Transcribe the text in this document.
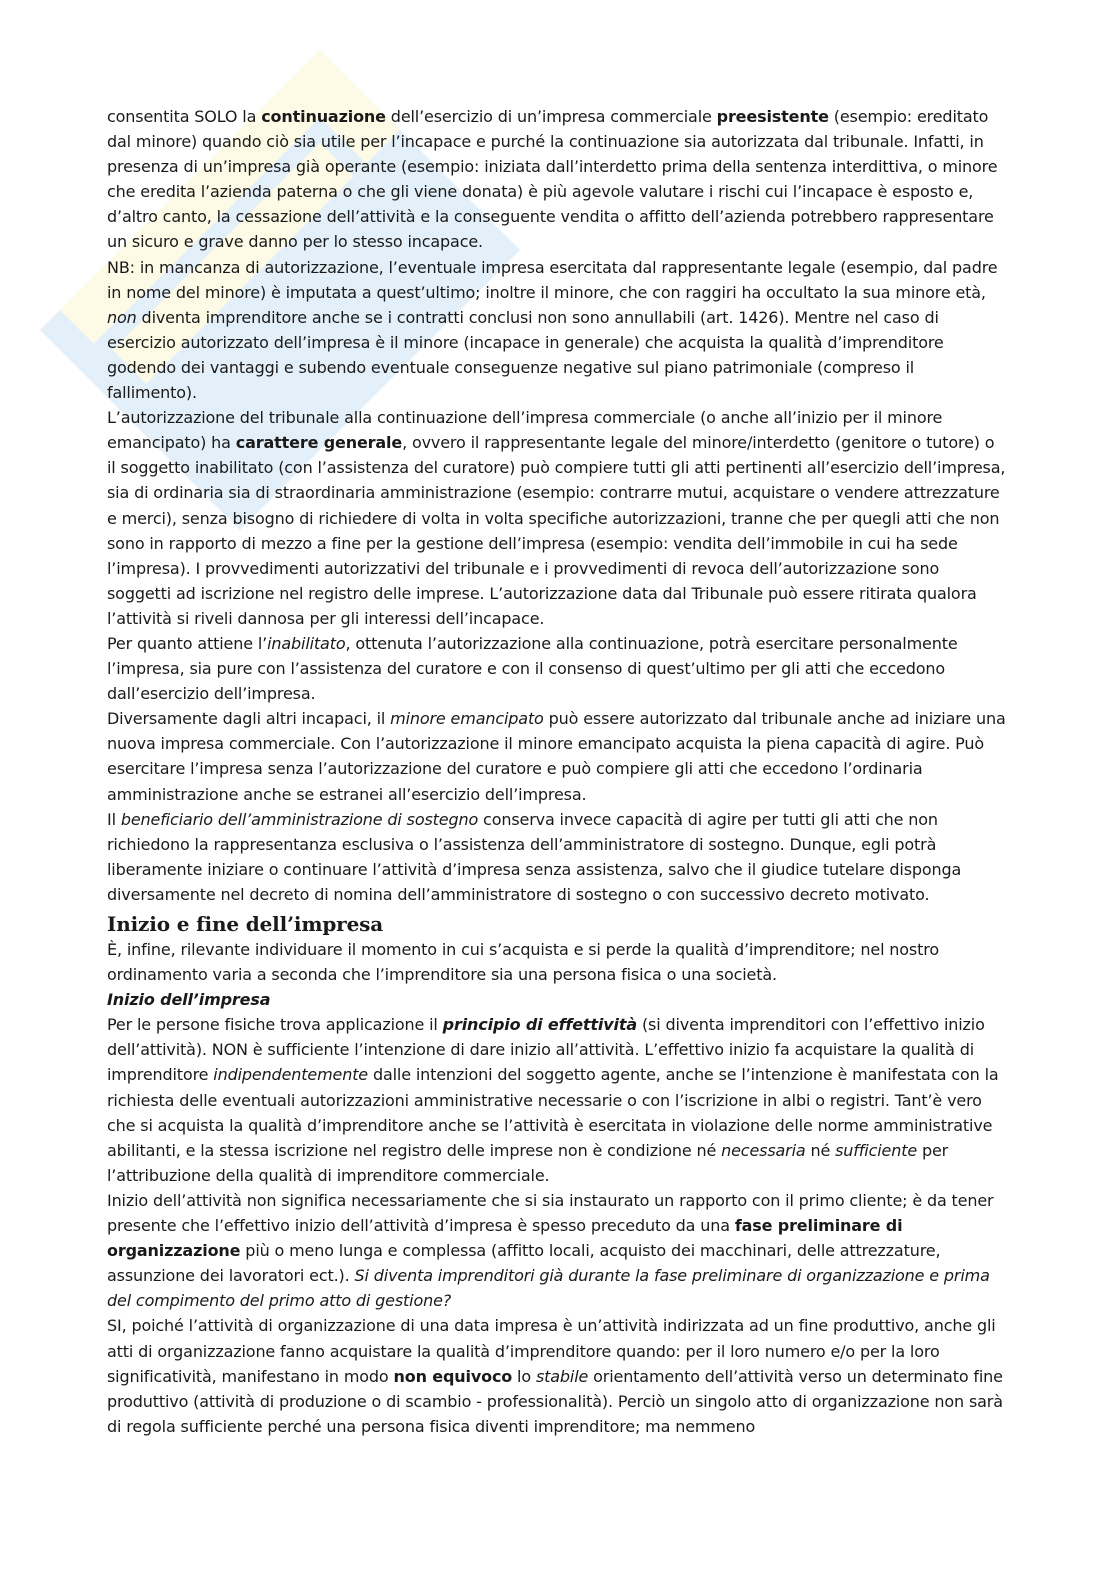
consentita SOLO la continuazione dell’esercizio di un’impresa commerciale preesistente (esempio: ereditato dal minore) quando ciò sia utile per l’incapace e purché la continuazione sia autorizzata dal tribunale. Infatti, in presenza di un’impresa già operante (esempio: iniziata dall’interdetto prima della sentenza interdittiva, o minore che eredita l’azienda paterna o che gli viene donata) è più agevole valutare i rischi cui l’incapace è esposto e, d’altro canto, la cessazione dell’attività e la conseguente vendita o affitto dell’azienda potrebbero rappresentare un sicuro e grave danno per lo stesso incapace.

NB: in mancanza di autorizzazione, l’eventuale impresa esercitata dal rappresentante legale (esempio, dal padre in nome del minore) è imputata a quest’ultimo; inoltre il minore, che con raggiri ha occultato la sua minore età, non diventa imprenditore anche se i contratti conclusi non sono annullabili (art. 1426). Mentre nel caso di esercizio autorizzato dell’impresa è il minore (incapace in generale) che acquista la qualità d’imprenditore godendo dei vantaggi e subendo eventuale conseguenze negative sul piano patrimoniale (compreso il fallimento).

L’autorizzazione del tribunale alla continuazione dell’impresa commerciale (o anche all’inizio per il minore emancipato) ha carattere generale, ovvero il rappresentante legale del minore/interdetto (genitore o tutore) o il soggetto inabilitato (con l’assistenza del curatore) può compiere tutti gli atti pertinenti all’esercizio dell’impresa, sia di ordinaria sia di straordinaria amministrazione (esempio: contrarre mutui, acquistare o vendere attrezzature e merci), senza bisogno di richiedere di volta in volta specifiche autorizzazioni, tranne che per quegli atti che non sono in rapporto di mezzo a fine per la gestione dell’impresa (esempio: vendita dell’immobile in cui ha sede l’impresa). I provvedimenti autorizzativi del tribunale e i provvedimenti di revoca dell’autorizzazione sono soggetti ad iscrizione nel registro delle imprese. L’autorizzazione data dal Tribunale può essere ritirata qualora l’attività si riveli dannosa per gli interessi dell’incapace.

Per quanto attiene l’inabilitato, ottenuta l’autorizzazione alla continuazione, potrà esercitare personalmente l’impresa, sia pure con l’assistenza del curatore e con il consenso di quest’ultimo per gli atti che eccedono dall’esercizio dell’impresa.

Diversamente dagli altri incapaci, il minore emancipato può essere autorizzato dal tribunale anche ad iniziare una nuova impresa commerciale. Con l’autorizzazione il minore emancipato acquista la piena capacità di agire. Può esercitare l’impresa senza l’autorizzazione del curatore e può compiere gli atti che eccedono l’ordinaria amministrazione anche se estranei all’esercizio dell’impresa.

Il beneficiario dell’amministrazione di sostegno conserva invece capacità di agire per tutti gli atti che non richiedono la rappresentanza esclusiva o l’assistenza dell’amministratore di sostegno. Dunque, egli potrà liberamente iniziare o continuare l’attività d’impresa senza assistenza, salvo che il giudice tutelare disponga diversamente nel decreto di nomina dell’amministratore di sostegno o con successivo decreto motivato.

Inizio e fine dell’impresa

È, infine, rilevante individuare il momento in cui s’acquista e si perde la qualità d’imprenditore; nel nostro ordinamento varia a seconda che l’imprenditore sia una persona fisica o una società.

Inizio dell’impresa

Per le persone fisiche trova applicazione il principio di effettività (si diventa imprenditori con l’effettivo inizio dell’attività). NON è sufficiente l’intenzione di dare inizio all’attività. L’effettivo inizio fa acquistare la qualità di imprenditore indipendentemente dalle intenzioni del soggetto agente, anche se l’intenzione è manifestata con la richiesta delle eventuali autorizzazioni amministrative necessarie o con l’iscrizione in albi o registri. Tant’è vero che si acquista la qualità d’imprenditore anche se l’attività è esercitata in violazione delle norme amministrative abilitanti, e la stessa iscrizione nel registro delle imprese non è condizione né necessaria né sufficiente per l’attribuzione della qualità di imprenditore commerciale.

Inizio dell’attività non significa necessariamente che si sia instaurato un rapporto con il primo cliente; è da tener presente che l’effettivo inizio dell’attività d’impresa è spesso preceduto da una fase preliminare di organizzazione più o meno lunga e complessa (affitto locali, acquisto dei macchinari, delle attrezzature, assunzione dei lavoratori ect.). Si diventa imprenditori già durante la fase preliminare di organizzazione e prima del compimento del primo atto di gestione?

SI, poiché l’attività di organizzazione di una data impresa è un’attività indirizzata ad un fine produttivo, anche gli atti di organizzazione fanno acquistare la qualità d’imprenditore quando: per il loro numero e/o per la loro significatività, manifestano in modo non equivoco lo stabile orientamento dell’attività verso un determinato fine produttivo (attività di produzione o di scambio - professionalità). Perciò un singolo atto di organizzazione non sarà di regola sufficiente perché una persona fisica diventi imprenditore; ma nemmeno
